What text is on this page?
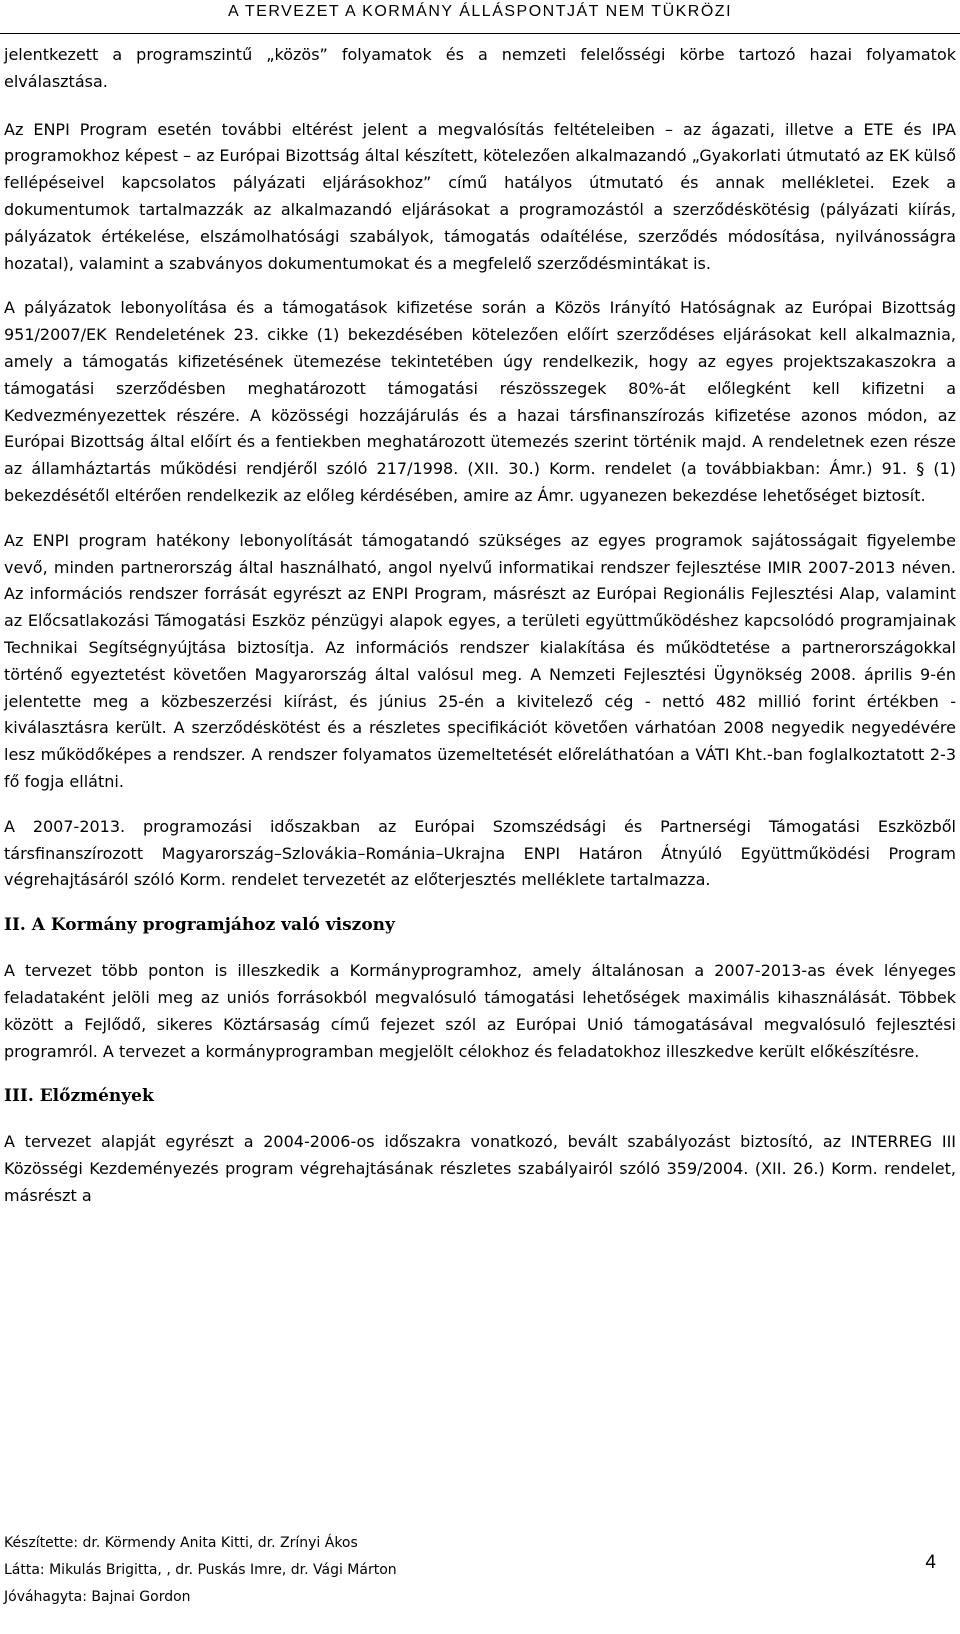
A TERVEZET A KORMÁNY ÁLLÁSPONTJÁT NEM TÜKRÖZI

jelentkezett a programszintű „közös” folyamatok és a nemzeti felelősségi körbe tartozó hazai folyamatok elválasztása.

Az ENPI Program esetén további eltérést jelent a megvalósítás feltételeiben – az ágazati, illetve a ETE és IPA programokhoz képest – az Európai Bizottság által készített, kötelezően alkalmazandó „Gyakorlati útmutató az EK külső fellépéseivel kapcsolatos pályázati eljárásokhoz” című hatályos útmutató és annak mellékletei. Ezek a dokumentumok tartalmazzák az alkalmazandó eljárásokat a programozástól a szerződéskötésig (pályázati kiírás, pályázatok értékelése, elszámolhatósági szabályok, támogatás odaítélése, szerződés módosítása, nyilvánosságra hozatal), valamint a szabványos dokumentumokat és a megfelelő szerződésmintákat is.

A pályázatok lebonyolítása és a támogatások kifizetése során a Közös Irányító Hatóságnak az Európai Bizottság 951/2007/EK Rendeletének 23. cikke (1) bekezdésében kötelezően előírt szerződéses eljárásokat kell alkalmaznia, amely a támogatás kifizetésének ütemezése tekintetében úgy rendelkezik, hogy az egyes projektszakaszokra a támogatási szerződésben meghatározott támogatási részösszegek 80%-át előlegként kell kifizetni a Kedvezményezettek részére. A közösségi hozzájárulás és a hazai társfinanszírozás kifizetése azonos módon, az Európai Bizottság által előírt és a fentiekben meghatározott ütemezés szerint történik majd. A rendeletnek ezen része az államháztartás működési rendjéről szóló 217/1998. (XII. 30.) Korm. rendelet (a továbbiakban: Ámr.) 91. § (1) bekezdésétől eltérően rendelkezik az előleg kérdésében, amire az Ámr. ugyanezen bekezdése lehetőséget biztosít.

Az ENPI program hatékony lebonyolítását támogatandó szükséges az egyes programok sajátosságait figyelembe vevő, minden partnerország által használható, angol nyelvű informatikai rendszer fejlesztése IMIR 2007-2013 néven. Az információs rendszer forrását egyrészt az ENPI Program, másrészt az Európai Regionális Fejlesztési Alap, valamint az Előcsatlakozási Támogatási Eszköz pénzügyi alapok egyes, a területi együttműködéshez kapcsolódó programjainak Technikai Segítségnyújtása biztosítja. Az információs rendszer kialakítása és működtetése a partnerországokkal történő egyeztetést követően Magyarország által valósul meg. A Nemzeti Fejlesztési Ügynökség 2008. április 9-én jelentette meg a közbeszerzési kiírást, és június 25-én a kivitelező cég - nettó 482 millió forint értékben - kiválasztásra került. A szerződéskötést és a részletes specifikációt követően várhatóan 2008 negyedik negyedévére lesz működőképes a rendszer. A rendszer folyamatos üzemeltetését előreláthatóan a VÁTI Kht.-ban foglalkoztatott 2-3 fő fogja ellátni.

A 2007-2013. programozási időszakban az Európai Szomszédsági és Partnerségi Támogatási Eszközből társfinanszírozott Magyarország–Szlovákia–Románia–Ukrajna ENPI Határon Átnyúló Együttműködési Program végrehajtásáról szóló Korm. rendelet tervezetét az előterjesztés melléklete tartalmazza.

II. A Kormány programjához való viszony

A tervezet több ponton is illeszkedik a Kormányprogramhoz, amely általánosan a 2007-2013-as évek lényeges feladataként jelöli meg az uniós forrásokból megvalósuló támogatási lehetőségek maximális kihasználását. Többek között a Fejlődő, sikeres Köztársaság című fejezet szól az Európai Unió támogatásával megvalósuló fejlesztési programról. A tervezet a kormányprogramban megjelölt célokhoz és feladatokhoz illeszkedve került előkészítésre.

III. Előzmények

A tervezet alapját egyrészt a 2004-2006-os időszakra vonatkozó, bevált szabályozást biztosító, az INTERREG III Közösségi Kezdeményezés program végrehajtásának részletes szabályairól szóló 359/2004. (XII. 26.) Korm. rendelet, másrészt a

Készítette: dr. Körmendy Anita Kitti, dr. Zrínyi Ákos
Látta: Mikulás Brigitta, , dr. Puskás Imre, dr. Vági Márton
Jóváhagyta: Bajnai Gordon
4
